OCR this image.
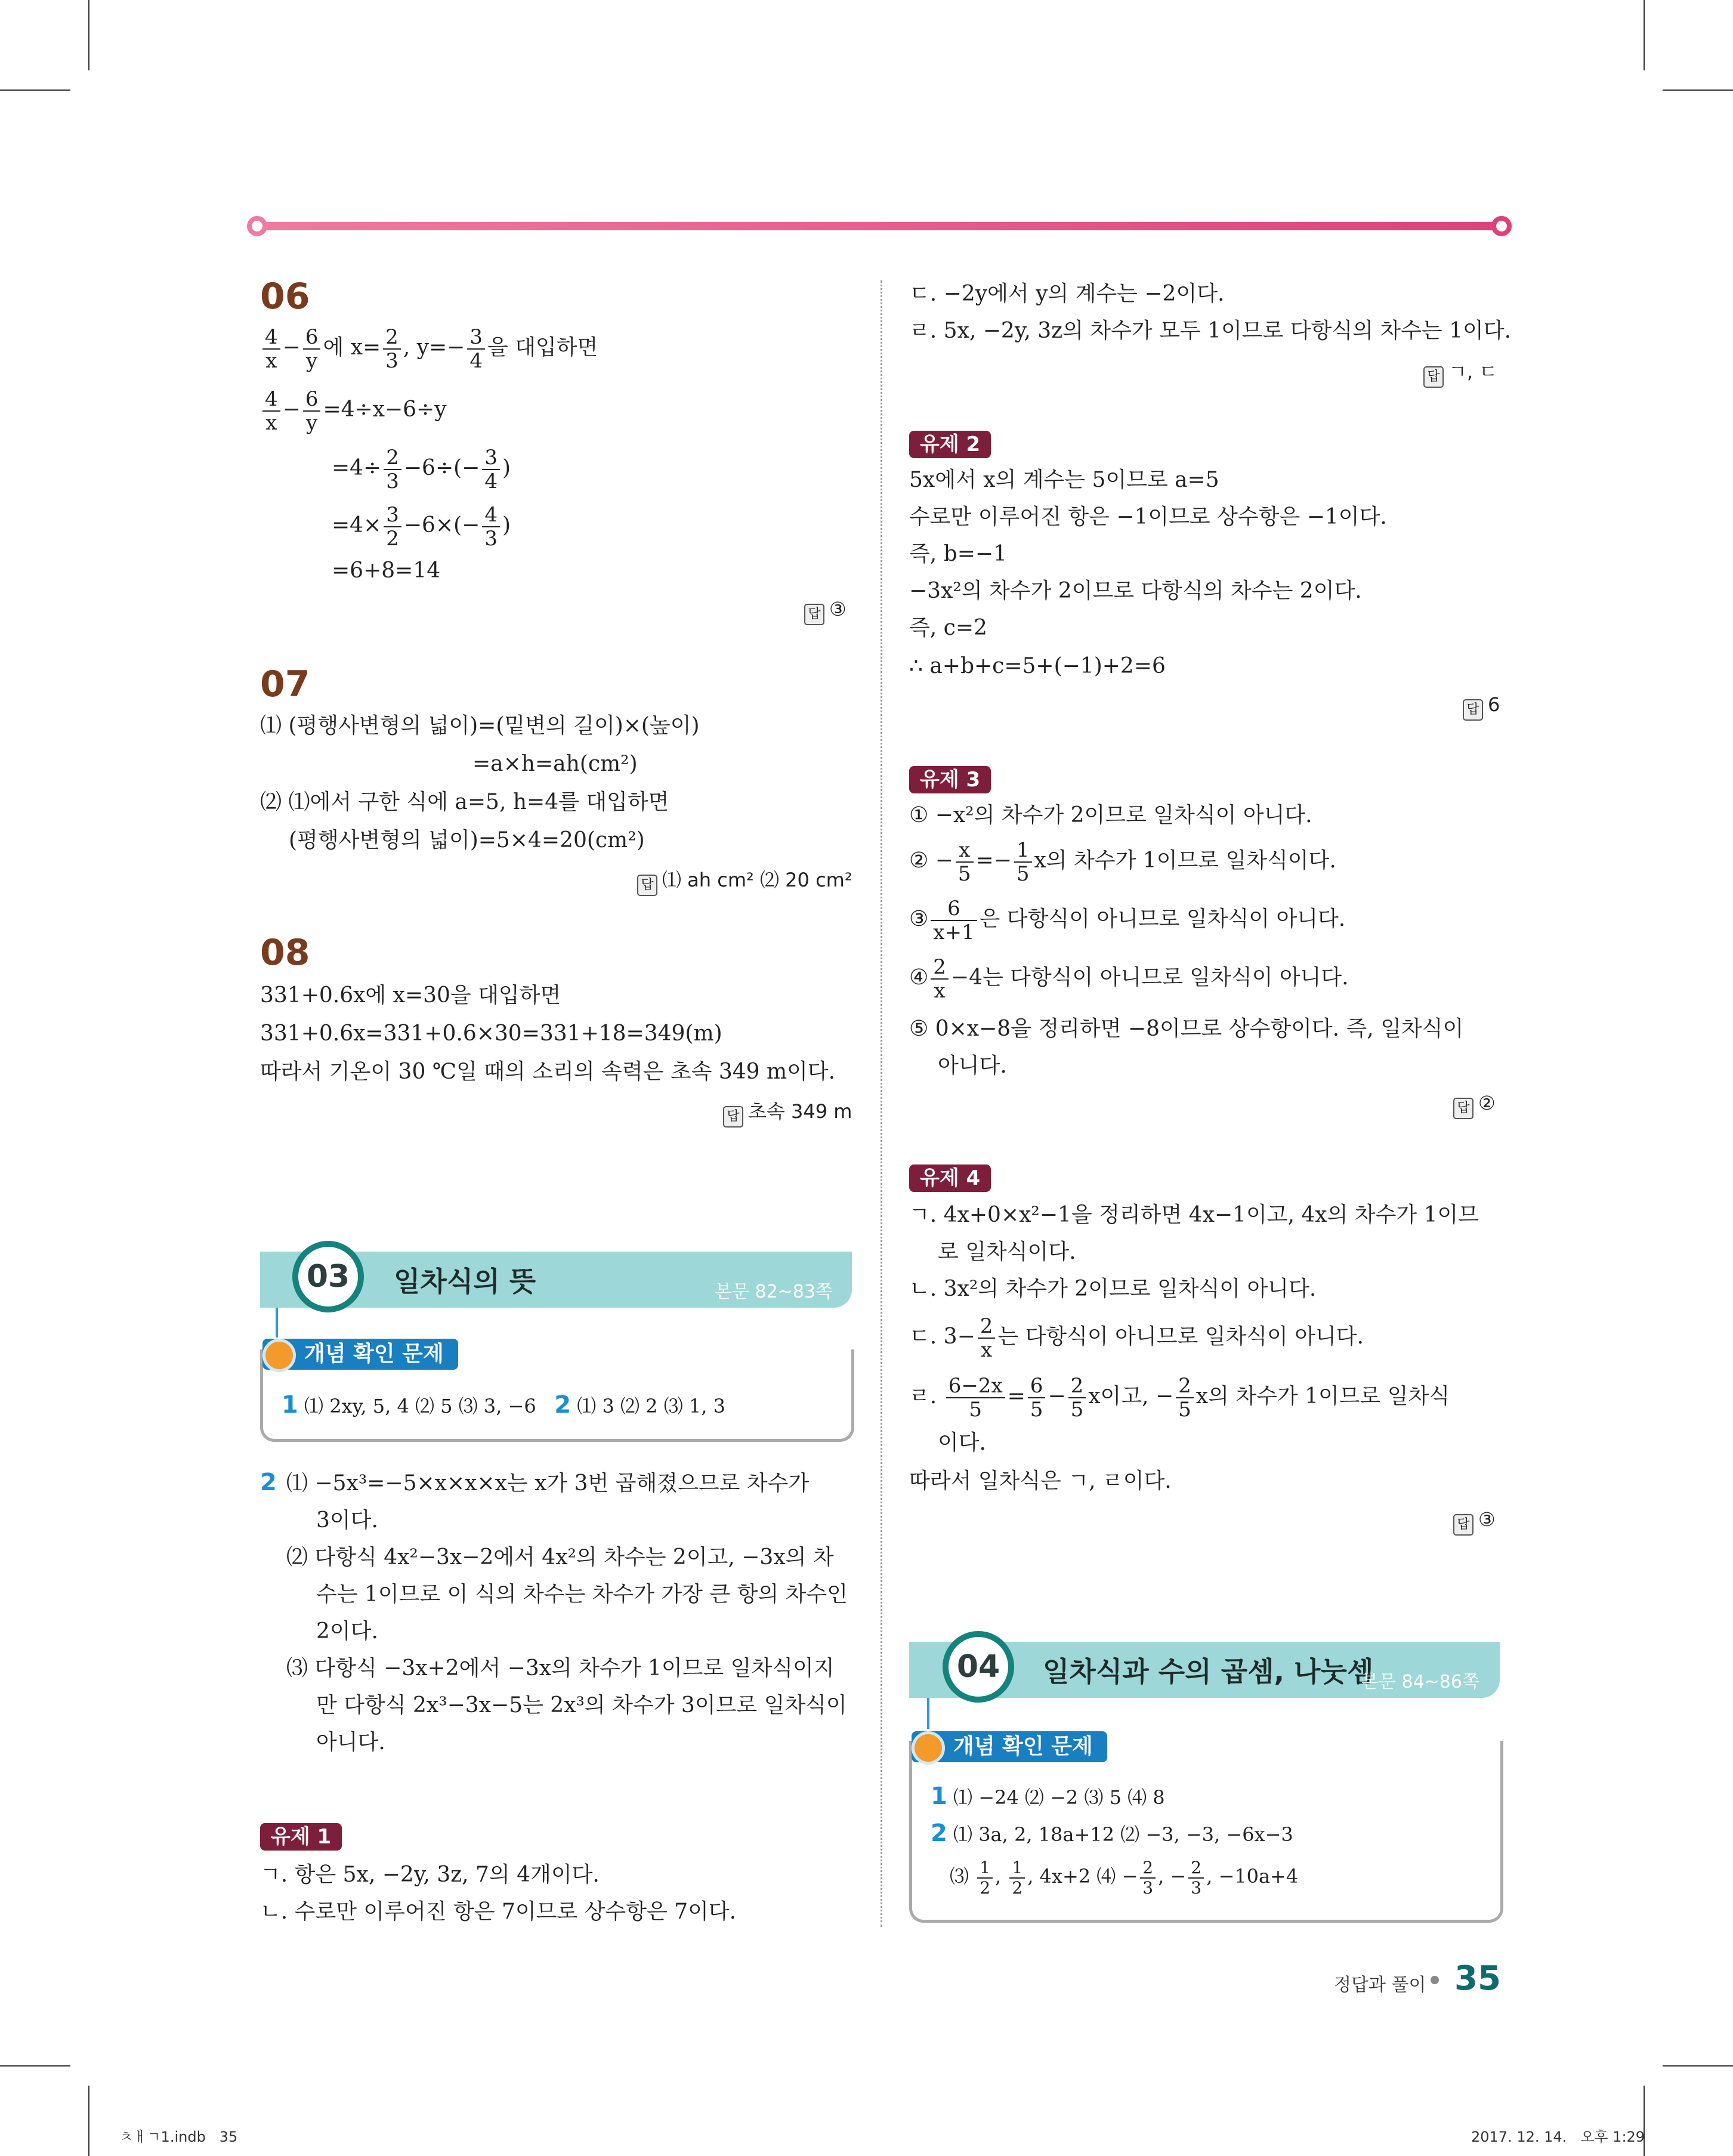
06
$\frac{4}{x} - \frac{6}{y}$ 에 $x= \frac{2}{3}$ , $y=- \frac{3}{4}$ 을 대입하면
$\frac{4}{x} - \frac{6}{y} =4\div x-6\div y$
$=4\div \frac{2}{3} -6\div(- \frac{3}{4}$ )
$=4\times \frac{3}{2} -6\times(- \frac{4}{3}$ )
=6+8=14
답 ③
07
⑴ (평행사변형의 넓이)=(밑변의 길이)×(높이)
=a×h=ah(cm²)
⑵ ⑴에서 구한 식에 a=5, h=4를 대입하면
(평행사변형의 넓이)=5×4=20(cm²)
답 ⑴ ah cm² ⑵ 20 cm²
08
331+0.6x에 x=30을 대입하면
331+0.6x=331+0.6×30=331+18=349(m)
따라서 기온이 30 ℃일 때의 소리의 속력은 초속 349 m이다.
답 초속 349 m
03	일차식의 뜻	본문 82~83쪽
개념 확인 문제
1 ⑴ 2xy, 5, 4 ⑵ 5 ⑶ 3, −6 2 ⑴ 3 ⑵ 2 ⑶ 1, 3
2 ⑴ −5x³=−5×x×x×x는 x가 3번 곱해졌으므로 차수가
3이다.
⑵ 다항식 4x²−3x−2에서 4x²의 차수는 2이고, −3x의 차
수는 1이므로 이 식의 차수는 차수가 가장 큰 항의 차수인
2이다.
⑶ 다항식 −3x+2에서 −3x의 차수가 1이므로 일차식이지
만 다항식 2x³−3x−5는 2x³의 차수가 3이므로 일차식이
아니다.
유제 1
ㄱ. 항은 5x, −2y, 3z, 7의 4개이다.
ㄴ. 수로만 이루어진 항은 7이므로 상수항은 7이다.
ㄷ. −2y에서 y의 계수는 −2이다.
ㄹ. 5x, −2y, 3z의 차수가 모두 1이므로 다항식의 차수는 1이다.
답 ㄱ, ㄷ
유제 2
5x에서 x의 계수는 5이므로 a=5
수로만 이루어진 항은 −1이므로 상수항은 −1이다.
즉, b=−1
−3x²의 차수가 2이므로 다항식의 차수는 2이다.
즉, c=2
∴ a+b+c=5+(−1)+2=6
답 6
유제 3
① −x²의 차수가 2이므로 일차식이 아니다.
② − $\frac{x}{5} =- \frac{1}{5}$ x의 차수가 1이므로 일차식이다.
③ $\frac{6}{x+1}$ 은 다항식이 아니므로 일차식이 아니다.
④ $\frac{2}{x} -4$는 다항식이 아니므로 일차식이 아니다.
⑤ 0×x−8을 정리하면 −8이므로 상수항이다. 즉, 일차식이
아니다.
답 ②
유제 4
ㄱ. 4x+0×x²−1을 정리하면 4x−1이고, 4x의 차수가 1이므
로 일차식이다.
ㄴ. 3x²의 차수가 2이므로 일차식이 아니다.
ㄷ. $3- \frac{2}{x}$ 는 다항식이 아니므로 일차식이 아니다.
ㄹ. $\frac{6-2x}{5} = \frac{6}{5} - \frac{2}{5}$ x이고, − $\frac{2}{5}$ x의 차수가 1이므로 일차식
이다.
따라서 일차식은 ㄱ, ㄹ이다.
답 ③
04	일차식과 수의 곱셈, 나눗셈
본문 84~86쪽
개념 확인 문제
1 ⑴ −24 ⑵ −2 ⑶ 5 ⑷ 8
2 ⑴ 3a, 2, 18a+12 ⑵ −3, −3, −6x−3
⑶ $\frac{1}{2}$ , $\frac{1}{2}$ , 4x+2 ⑷ − $\frac{2}{3}$ , − $\frac{2}{3}$ , −10a+4
정답과 풀이 35
ㅊㅐㄱ1.indb   35	2017. 12. 14.   오후 1:29
